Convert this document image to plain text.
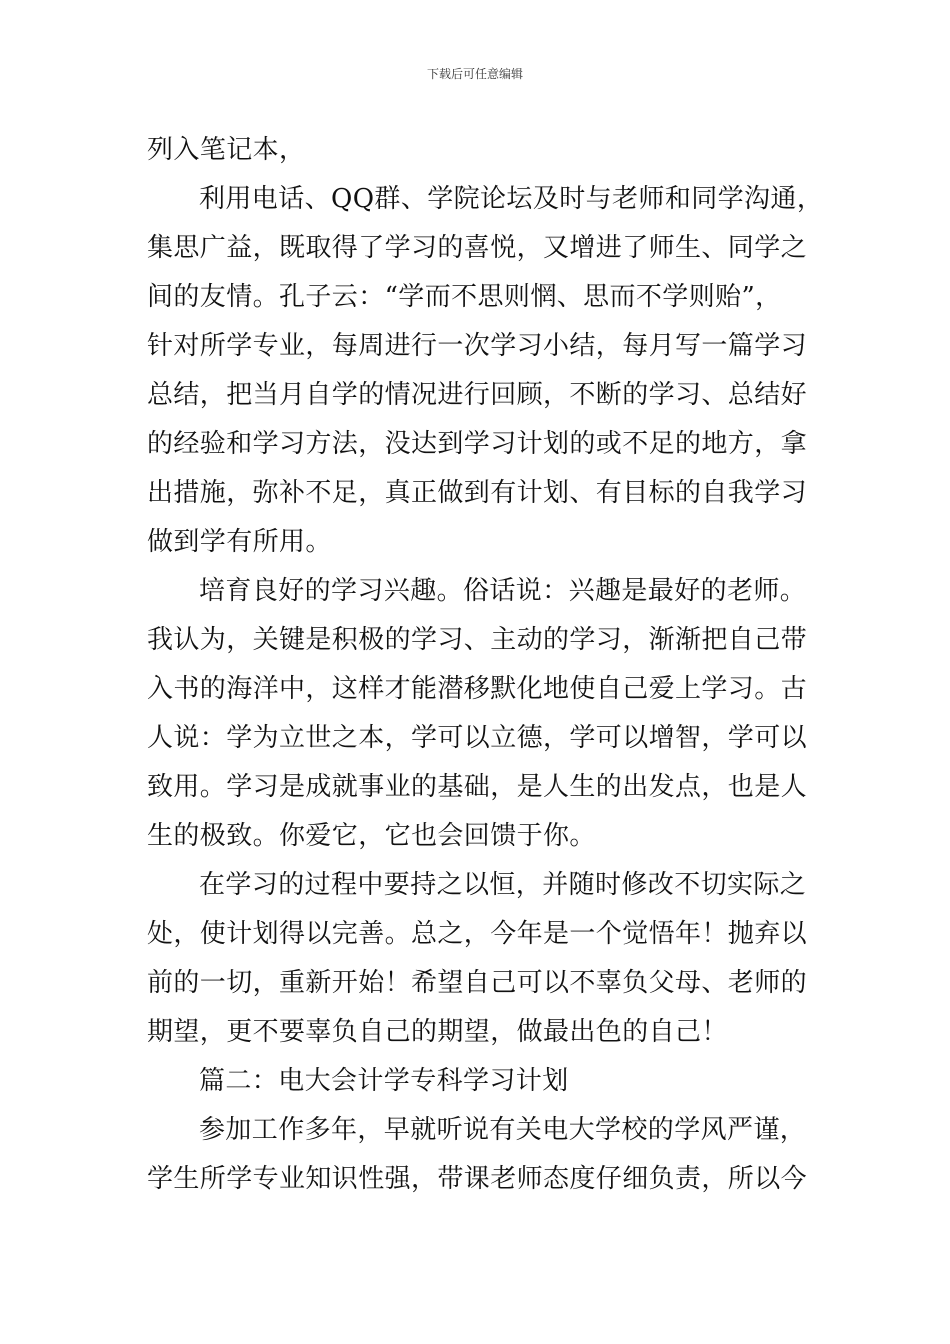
下载后可任意编辑
列入笔记本，
利用电话、QQ群、学院论坛及时与老师和同学沟通，
集思广益，既取得了学习的喜悦，又增进了师生、同学之
间的友情。孔子云：“学而不思则惘、思而不学则贻”，
针对所学专业，每周进行一次学习小结，每月写一篇学习
总结，把当月自学的情况进行回顾，不断的学习、总结好
的经验和学习方法，没达到学习计划的或不足的地方，拿
出措施，弥补不足，真正做到有计划、有目标的自我学习
做到学有所用。
培育良好的学习兴趣。俗话说：兴趣是最好的老师。
我认为，关键是积极的学习、主动的学习，渐渐把自己带
入书的海洋中，这样才能潜移默化地使自己爱上学习。古
人说：学为立世之本，学可以立德，学可以增智，学可以
致用。学习是成就事业的基础，是人生的出发点，也是人
生的极致。你爱它，它也会回馈于你。
在学习的过程中要持之以恒，并随时修改不切实际之
处，使计划得以完善。总之，今年是一个觉悟年！抛弃以
前的一切，重新开始！希望自己可以不辜负父母、老师的
期望，更不要辜负自己的期望，做最出色的自己！
篇二：电大会计学专科学习计划
参加工作多年，早就听说有关电大学校的学风严谨，
学生所学专业知识性强，带课老师态度仔细负责，所以今
